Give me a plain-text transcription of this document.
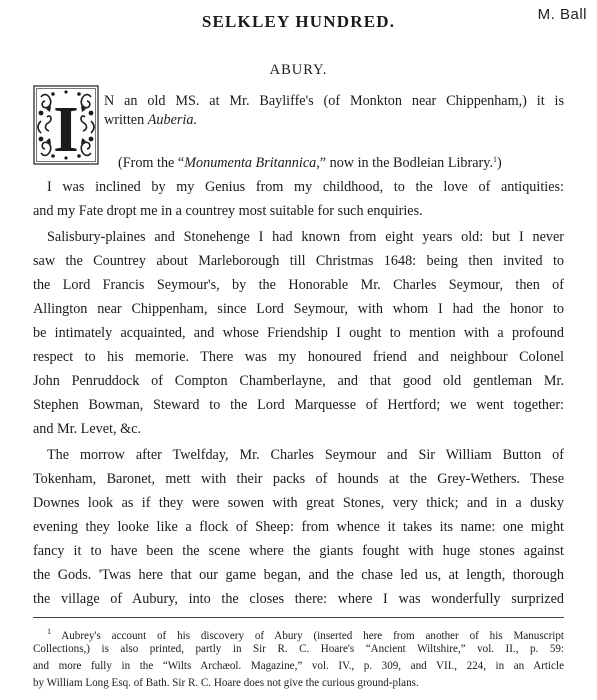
SELKLEY HUNDRED.	M. Ball
ABURY.
I N an old MS. at Mr. Bayliffe's (of Monkton near Chippenham,) it is
written Auberia.
(From the “Monumenta Britannica,” now in the Bodleian Library.$^1$)
I was inclined by my Genius from my childhood, to the love of antiquities:
and my Fate dropt me in a countrey most suitable for such enquiries.
Salisbury-plaines and Stonehenge I had known from eight years old: but I never
saw the Countrey about Marleborough till Christmas 1648: being then invited to
the Lord Francis Seymour's, by the Honorable Mr. Charles Seymour, then of
Allington near Chippenham, since Lord Seymour, with whom I had the honor to
be intimately acquainted, and whose Friendship I ought to mention with a profound
respect to his memorie. There was my honoured friend and neighbour Colonel
John Penruddock of Compton Chamberlayne, and that good old gentleman Mr.
Stephen Bowman, Steward to the Lord Marquesse of Hertford; we went together:
and Mr. Levet, &c.
The morrow after Twelfday, Mr. Charles Seymour and Sir William Button of
Tokenham, Baronet, mett with their packs of hounds at the Grey-Wethers. These
Downes look as if they were sowen with great Stones, very thick; and in a dusky
evening they looke like a flock of Sheep: from whence it takes its name: one might
fancy it to have been the scene where the giants fought with huge stones against
the Gods. 'Twas here that our game began, and the chase led us, at length, thorough
the village of Aubury, into the closes there: where I was wonderfully surprized
$^1$ Aubrey's account of his discovery of Abury (inserted here from another of his Manuscript
Collections,) is also printed, partly in Sir R. C. Hoare's “Ancient Wiltshire,” vol. II., p. 59:
and more fully in the “Wilts Archæol. Magazine,” vol. IV., p. 309, and VII., 224, in an Article
by William Long Esq. of Bath. Sir R. C. Hoare does not give the curious ground-plans.
